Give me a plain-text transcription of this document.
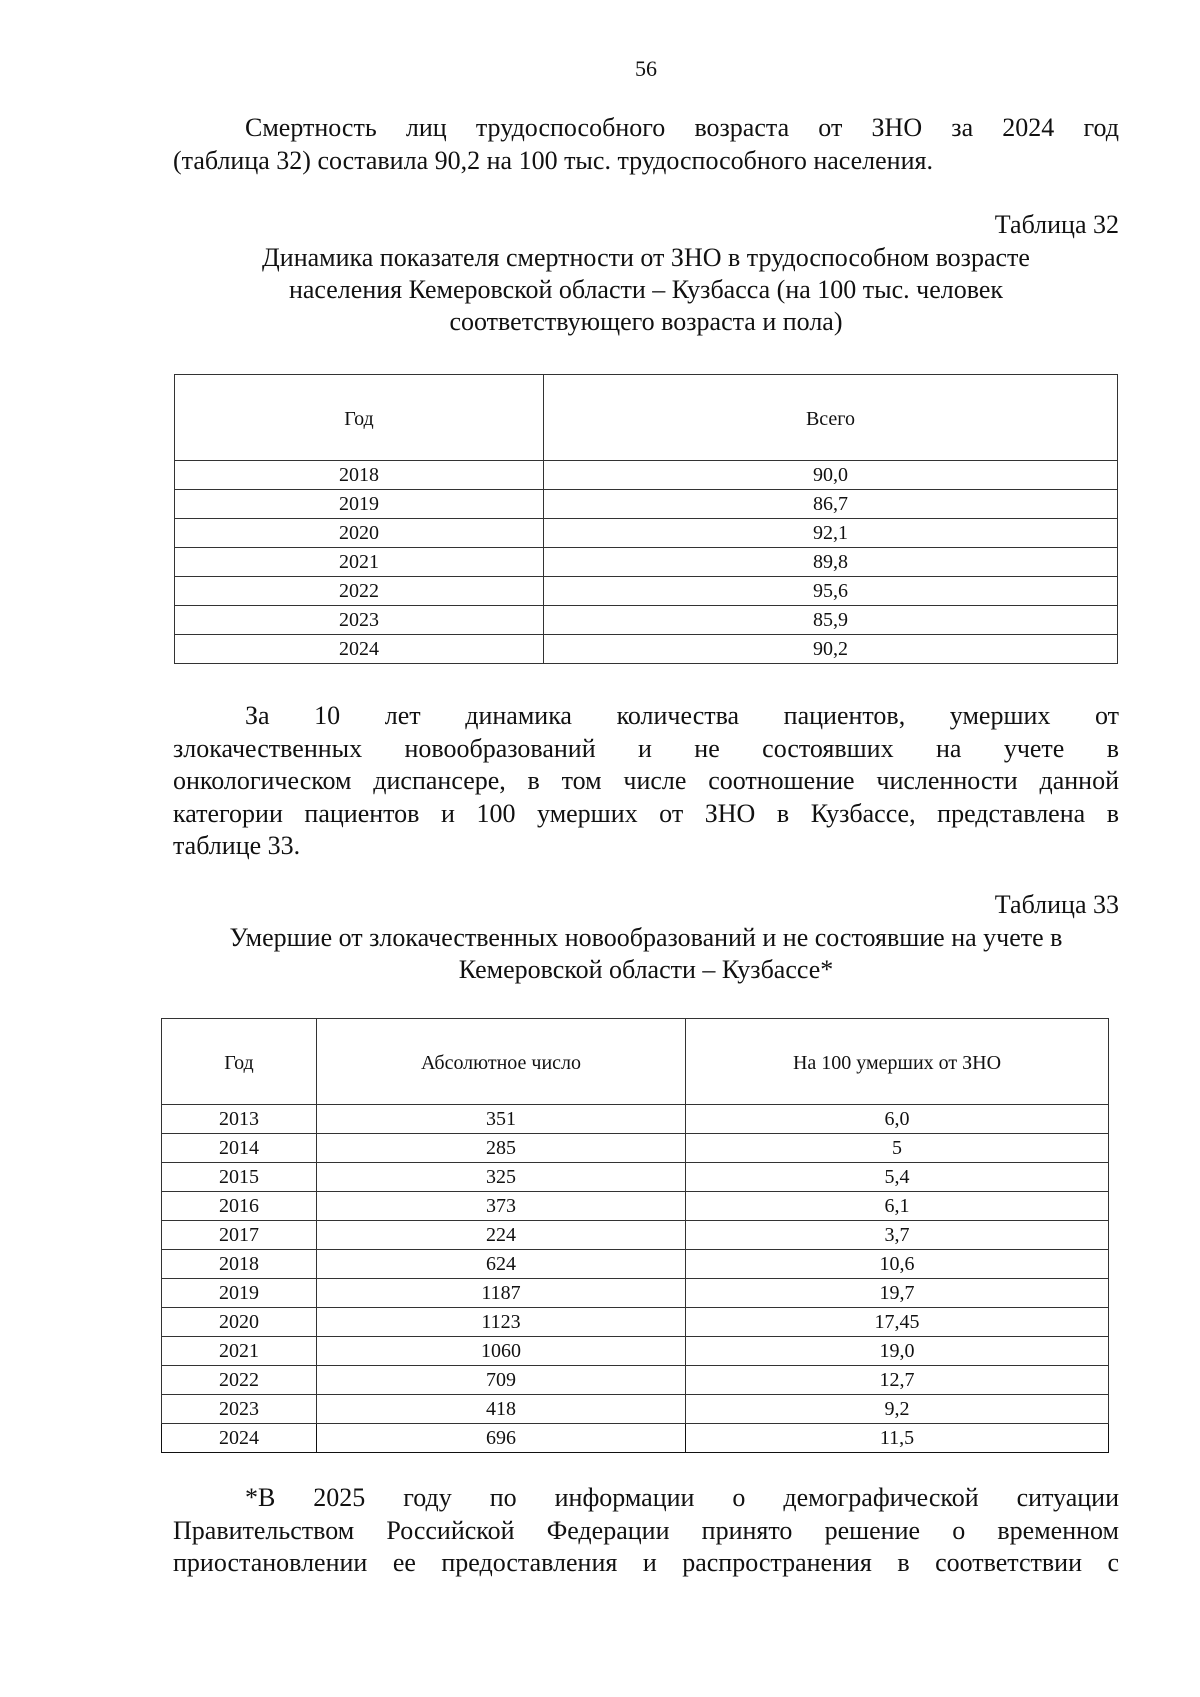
56
Смертность лиц трудоспособного возраста от ЗНО за 2024 год
(таблица 32) составила 90,2 на 100 тыс. трудоспособного населения.
Таблица 32
Динамика показателя смертности от ЗНО в трудоспособном возрасте
населения Кемеровской области – Кузбасса (на 100 тыс. человек
соответствующего возраста и пола)
Год	Всего
2018	90,0
2019	86,7
2020	92,1
2021	89,8
2022	95,6
2023	85,9
2024	90,2
За 10 лет динамика количества пациентов, умерших от
злокачественных новообразований и не состоявших на учете в
онкологическом диспансере, в том числе соотношение численности данной
категории пациентов и 100 умерших от ЗНО в Кузбассе, представлена в
таблице 33.
Таблица 33
Умершие от злокачественных новообразований и не состоявшие на учете в
Кемеровской области – Кузбассе*
Год	Абсолютное число	На 100 умерших от ЗНО
2013	351	6,0
2014	285	5
2015	325	5,4
2016	373	6,1
2017	224	3,7
2018	624	10,6
2019	1187	19,7
2020	1123	17,45
2021	1060	19,0
2022	709	12,7
2023	418	9,2
2024	696	11,5
*В 2025 году по информации о демографической ситуации
Правительством Российской Федерации принято решение о временном
приостановлении ее предоставления и распространения в соответствии с
